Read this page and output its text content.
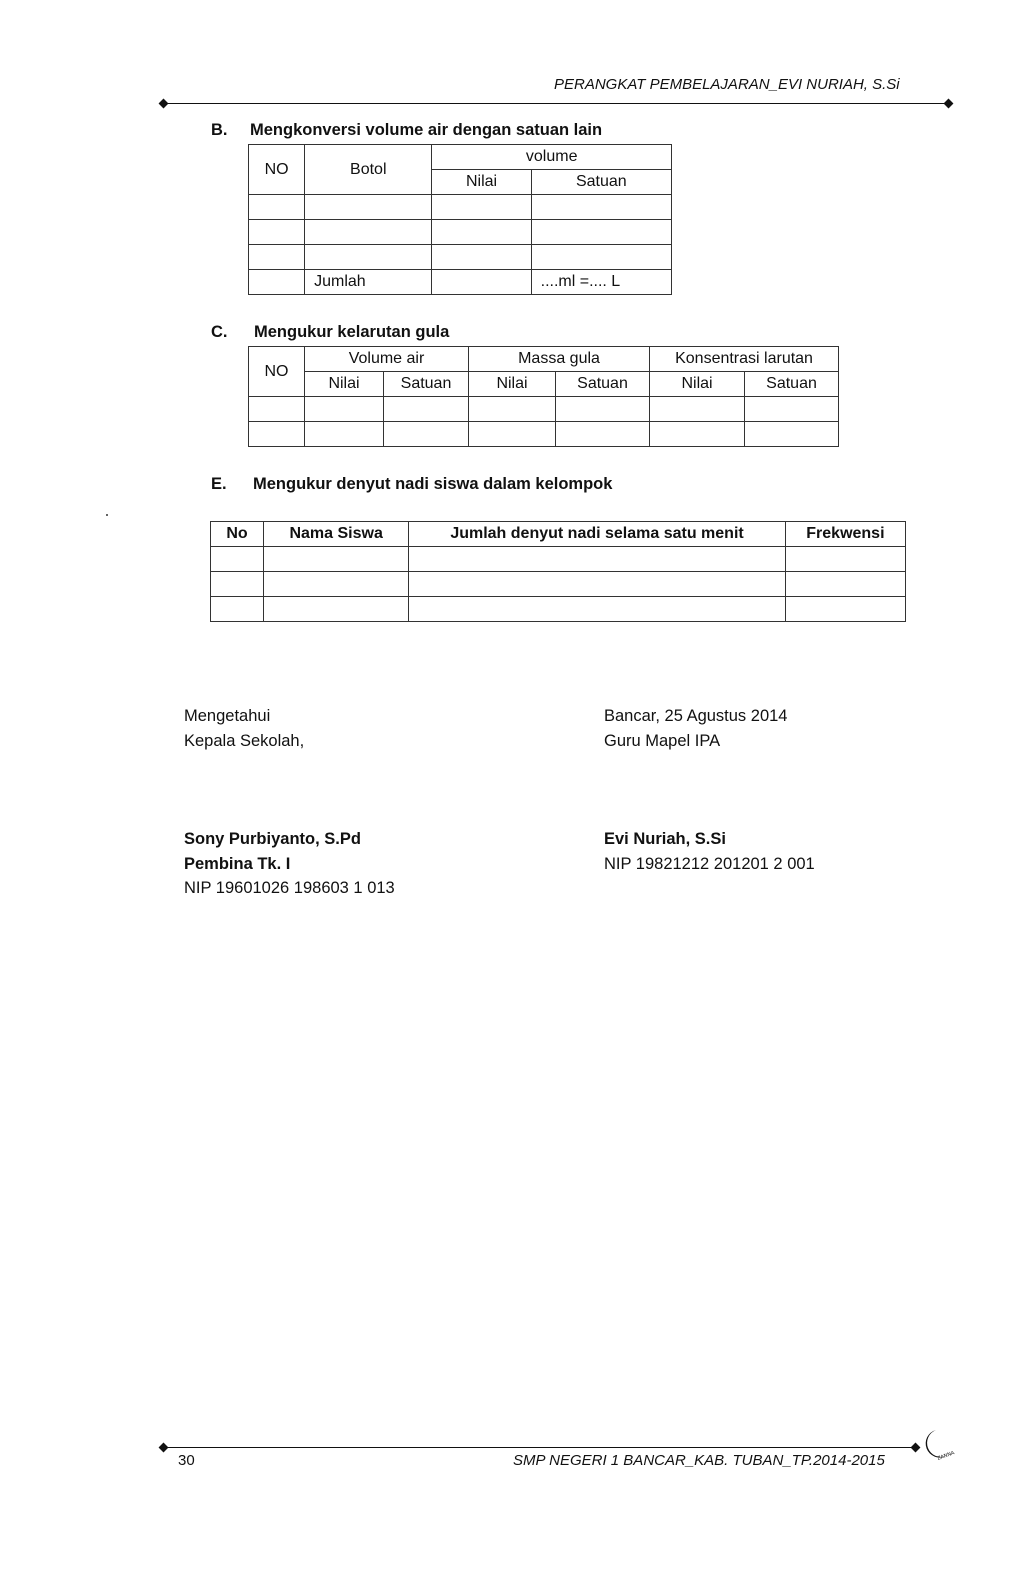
PERANGKAT PEMBELAJARAN_EVI NURIAH, S.Si
B. Mengkonversi volume air dengan satuan lain
NO	Botol	volume	
		Nilai	Satuan

	Jumlah		....ml =.... L
C. Mengukur kelarutan gula
NO	Volume air		Massa gula		Konsentrasi larutan	
	Nilai	Satuan	Nilai	Satuan	Nilai	Satuan

E. Mengukur denyut nadi siswa dalam kelompok
No	Nama Siswa	Jumlah denyut nadi selama satu menit	Frekwensi

Mengetahui
Kepala Sekolah,
Sony Purbiyanto, S.Pd
Pembina Tk. I
NIP 19601026 198603 1 013
Bancar, 25 Agustus 2014
Guru Mapel IPA
Evi Nuriah, S.Si
NIP 19821212 201201 2 001
ZANNA
30	SMP NEGERI 1 BANCAR_KAB. TUBAN_TP.2014-2015
